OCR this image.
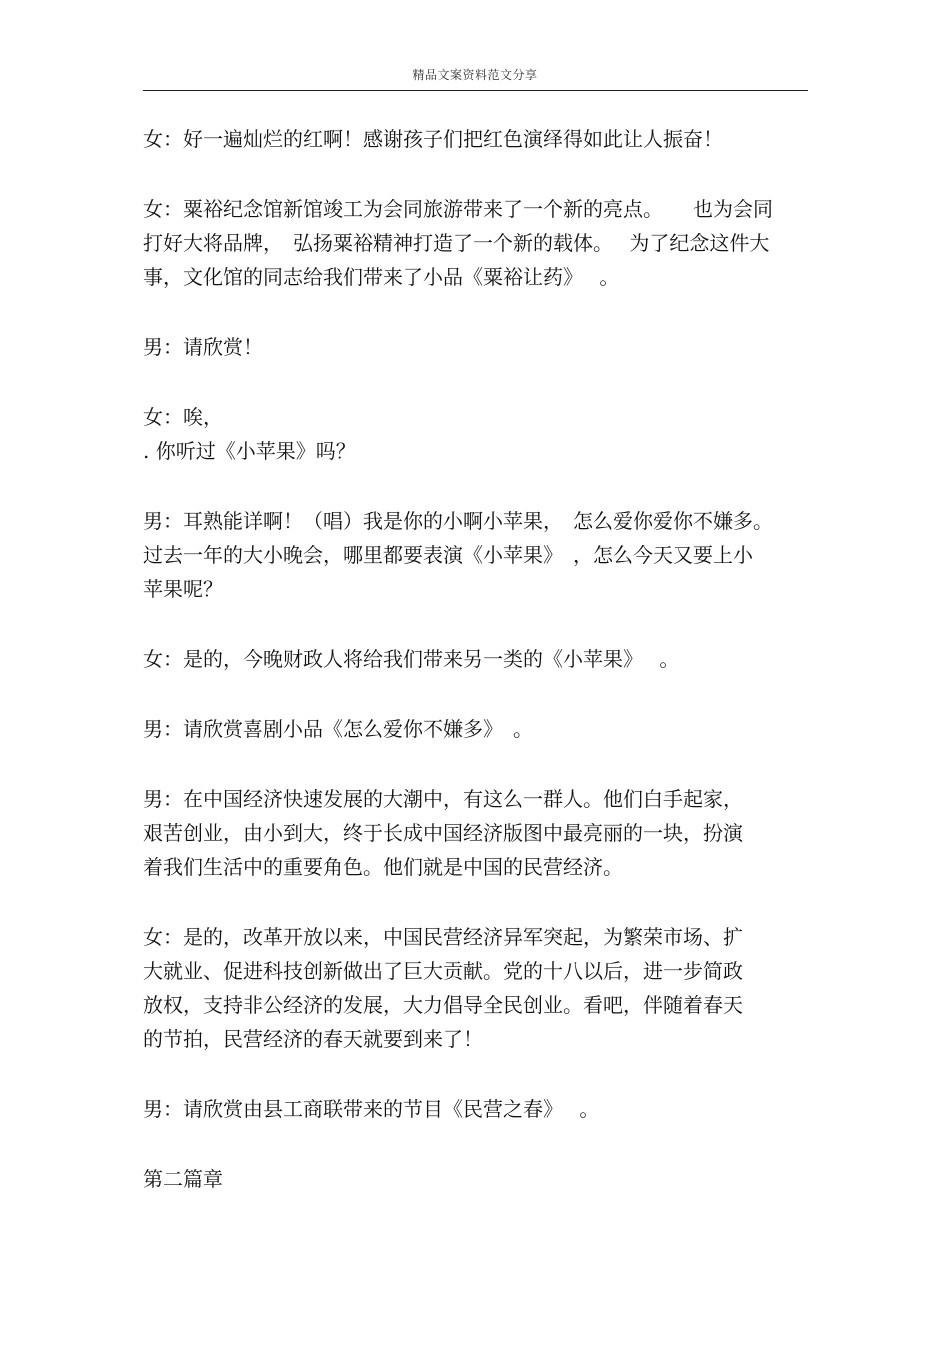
精品文案资料范文分享
女：好一遍灿烂的红啊！感谢孩子们把红色演绎得如此让人振奋！
女：粟裕纪念馆新馆竣工为会同旅游带来了一个新的亮点。　　也为会同
打好大将品牌，　弘扬粟裕精神打造了一个新的载体。　 为了纪念这件大
事，文化馆的同志给我们带来了小品《粟裕让药》　 。
男：请欣赏！
女：唉，
. 你听过《小苹果》吗？
男：耳熟能详啊！（唱）我是你的小啊小苹果，　怎么爱你爱你不嫌多。
过去一年的大小晚会，哪里都要表演《小苹果》　，怎么今天又要上小
苹果呢？
女：是的，今晚财政人将给我们带来另一类的《小苹果》　 。
男：请欣赏喜剧小品《怎么爱你不嫌多》　。
男：在中国经济快速发展的大潮中，有这么一群人。他们白手起家，
艰苦创业，由小到大，终于长成中国经济版图中最亮丽的一块，扮演
着我们生活中的重要角色。他们就是中国的民营经济。
女：是的，改革开放以来，中国民营经济异军突起，为繁荣市场、扩
大就业、促进科技创新做出了巨大贡献。党的十八以后，进一步简政
放权，支持非公经济的发展，大力倡导全民创业。看吧，伴随着春天
的节拍，民营经济的春天就要到来了！
男：请欣赏由县工商联带来的节目《民营之春》　 。
第二篇章
